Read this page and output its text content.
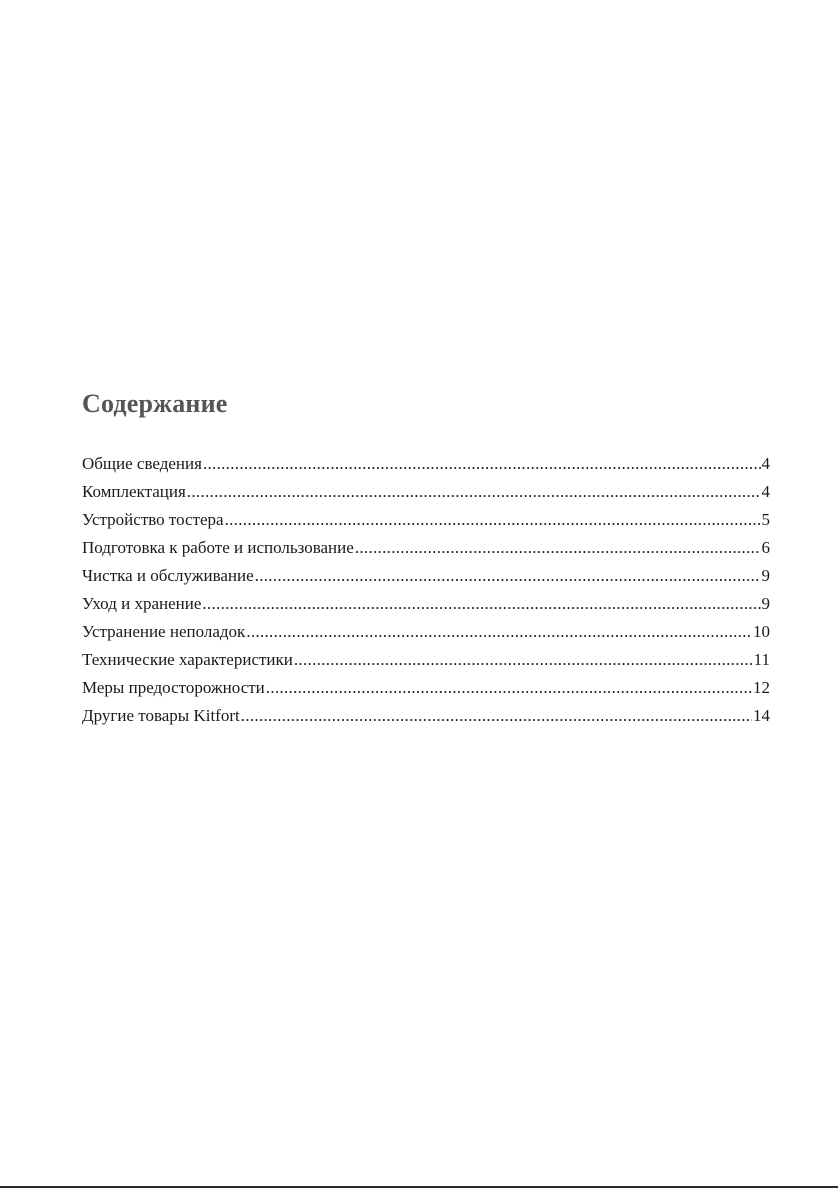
Содержание
Общие сведения .....	4
Комплектация .....	4
Устройство тостера .....	5
Подготовка к работе и использование .....	6
Чистка и обслуживание .....	9
Уход и хранение .....	9
Устранение неполадок .....	10
Технические характеристики .....	11
Меры предосторожности .....	12
Другие товары Kitfort .....	14
